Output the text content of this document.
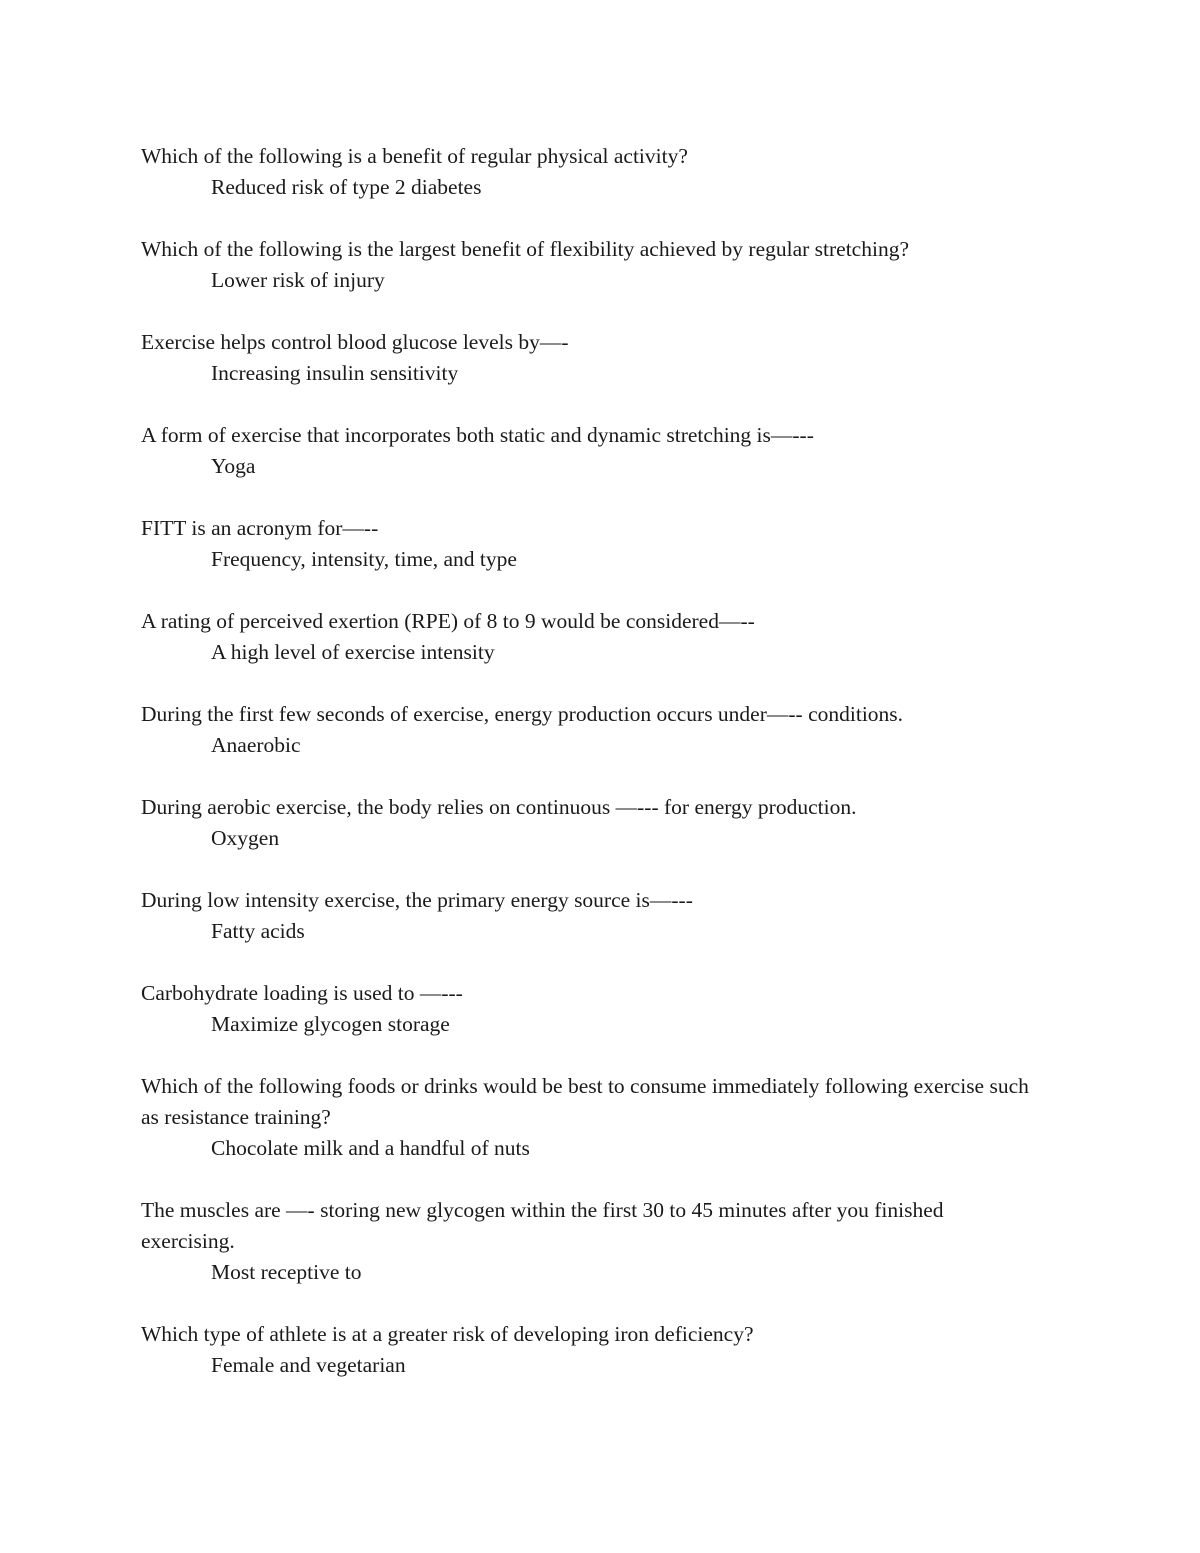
Which of the following is a benefit of regular physical activity?
Reduced risk of type 2 diabetes
Which of the following is the largest benefit of flexibility achieved by regular stretching?
Lower risk of injury
Exercise helps control blood glucose levels by—-
Increasing insulin sensitivity
A form of exercise that incorporates both static and dynamic stretching is—---
Yoga
FITT is an acronym for—--
Frequency, intensity, time, and type
A rating of perceived exertion (RPE) of 8 to 9 would be considered—--
A high level of exercise intensity
During the first few seconds of exercise, energy production occurs under—-- conditions.
Anaerobic
During aerobic exercise, the body relies on continuous —--- for energy production.
Oxygen
During low intensity exercise, the primary energy source is—---
Fatty acids
Carbohydrate loading is used to —---
Maximize glycogen storage
Which of the following foods or drinks would be best to consume immediately following exercise such as resistance training?
Chocolate milk and a handful of nuts
The muscles are —- storing new glycogen within the first 30 to 45 minutes after you finished exercising.
Most receptive to
Which type of athlete is at a greater risk of developing iron deficiency?
Female and vegetarian
